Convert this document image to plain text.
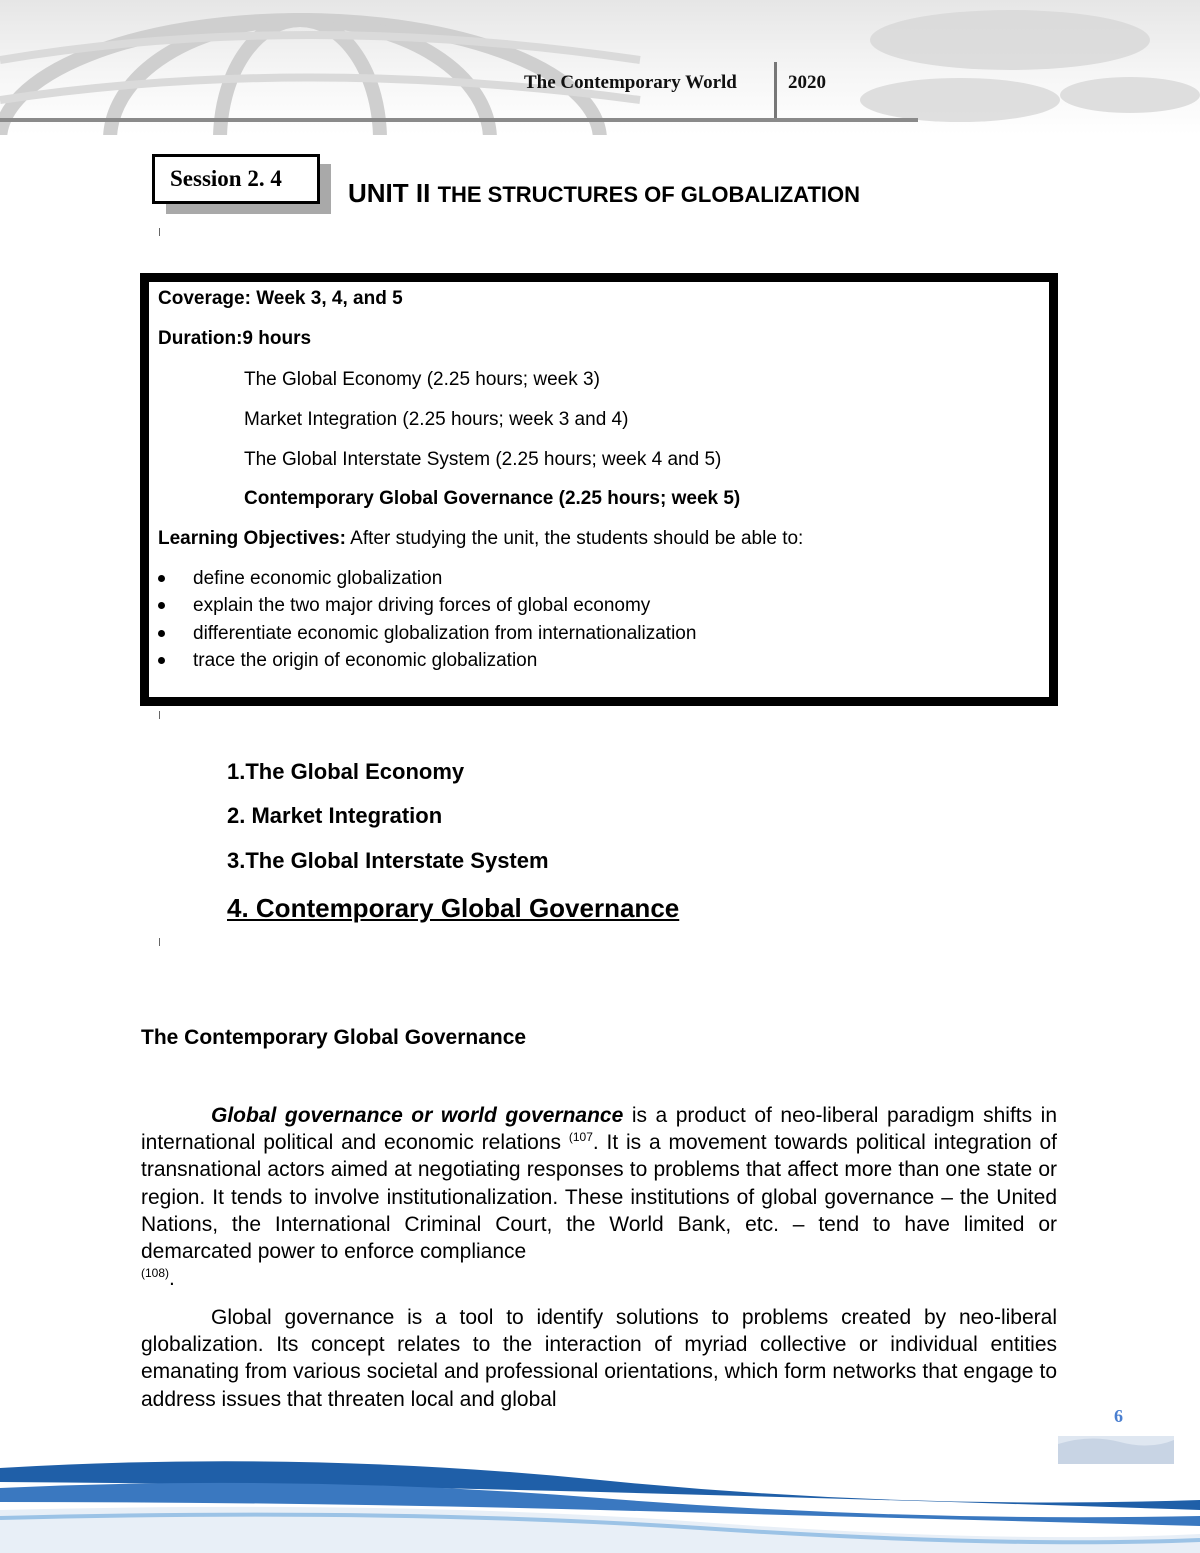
The Contemporary World	2020
Session 2. 4	UNIT II THE STRUCTURES OF GLOBALIZATION
Coverage: Week 3, 4, and 5
Duration:9 hours
The Global Economy (2.25 hours; week 3)
Market Integration (2.25 hours; week 3 and 4)
The Global Interstate System (2.25 hours; week 4 and 5)
Contemporary Global Governance (2.25 hours; week 5)
Learning Objectives: After studying the unit, the students should be able to:
define economic globalization
explain the two major driving forces of global economy
differentiate economic globalization from internationalization
trace the origin of economic globalization
1.The Global Economy
2. Market Integration
3.The Global Interstate System
4. Contemporary Global Governance
The Contemporary Global Governance
Global governance or world governance is a product of neo-liberal paradigm shifts in international political and economic relations $^{(107}$. It is a movement towards political integration of transnational actors aimed at negotiating responses to problems that affect more than one state or region. It tends to involve institutionalization. These institutions of global governance – the United Nations, the International Criminal Court, the World Bank, etc. – tend to have limited or demarcated power to enforce compliance
$^{(108)}$.
Global governance is a tool to identify solutions to problems created by neo-liberal globalization. Its concept relates to the interaction of myriad collective or individual entities emanating from various societal and professional orientations, which form networks that engage to address issues that threaten local and global
6
